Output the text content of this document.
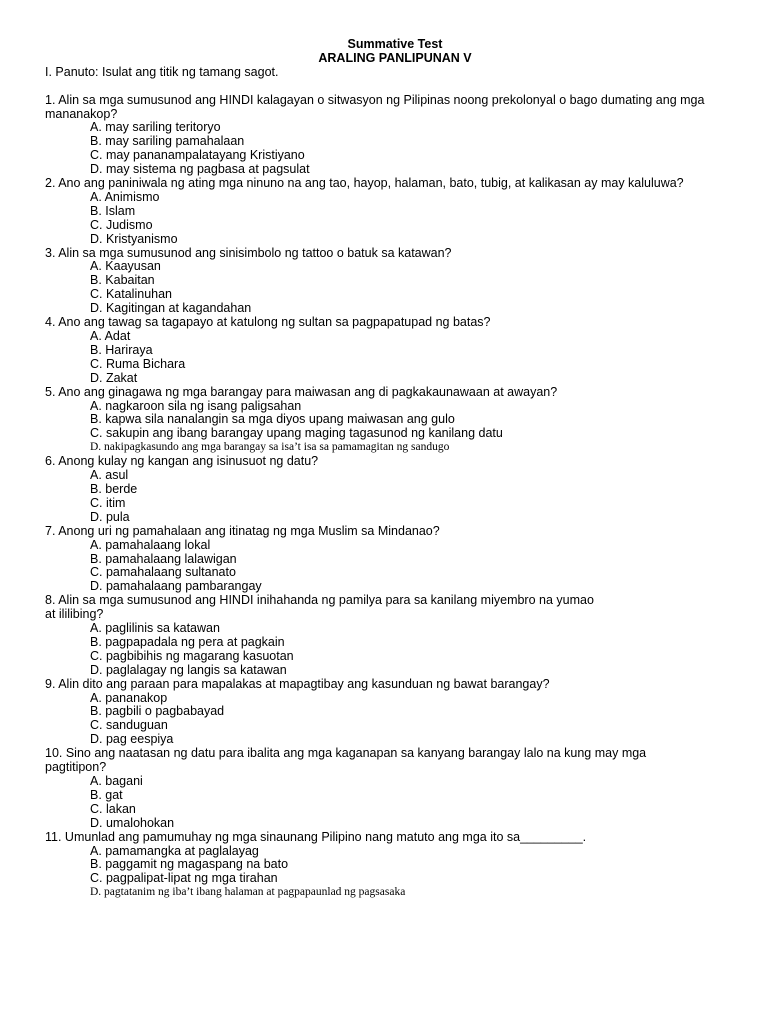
Summative Test
ARALING PANLIPUNAN V
I. Panuto: Isulat ang titik ng tamang sagot.
1. Alin sa mga sumusunod ang HINDI kalagayan o sitwasyon ng Pilipinas noong prekolonyal o bago dumating ang mga mananakop?
A. may sariling teritoryo
B. may sariling pamahalaan
C. may pananampalatayang Kristiyano
D. may sistema ng pagbasa at pagsulat
2. Ano ang paniniwala ng ating mga ninuno na ang tao, hayop, halaman, bato, tubig, at kalikasan ay may kaluluwa?
A. Animismo
B. Islam
C. Judismo
D. Kristyanismo
3. Alin sa mga sumusunod ang sinisimbolo ng tattoo o batuk sa katawan?
A. Kaayusan
B. Kabaitan
C. Katalinuhan
D. Kagitingan at kagandahan
4. Ano ang tawag sa tagapayo at katulong ng sultan sa pagpapatupad ng batas?
A. Adat
B. Hariraya
C. Ruma Bichara
D. Zakat
5. Ano ang ginagawa ng mga barangay para maiwasan ang di pagkakaunawaan at awayan?
A. nagkaroon sila ng isang paligsahan
B. kapwa sila nanalangin sa mga diyos upang maiwasan ang gulo
C. sakupin ang ibang barangay upang maging tagasunod ng kanilang datu
D. nakipagkasundo ang mga barangay sa isa’t isa sa pamamagitan ng sandugo
6. Anong kulay ng kangan ang isinusuot ng datu?
A. asul
B. berde
C. itim
D. pula
7. Anong uri ng pamahalaan ang itinatag ng mga Muslim sa Mindanao?
A. pamahalaang lokal
B. pamahalaang lalawigan
C. pamahalaang sultanato
D. pamahalaang pambarangay
8. Alin sa mga sumusunod ang HINDI inihahanda ng pamilya para sa kanilang miyembro na yumao at ililibing?
A. paglilinis sa katawan
B. pagpapadala ng pera at pagkain
C. pagbibihis ng magarang kasuotan
D. paglalagay ng langis sa katawan
9. Alin dito ang paraan para mapalakas at mapagtibay ang kasunduan ng bawat barangay?
A. pananakop
B. pagbili o pagbabayad
C. sanduguan
D. pag eespiya
10. Sino ang naatasan ng datu para ibalita ang mga kaganapan sa kanyang barangay lalo na kung may mga pagtitipon?
A. bagani
B. gat
C. lakan
D. umalohokan
11. Umunlad ang pamumuhay ng mga sinaunang Pilipino nang matuto ang mga ito sa_________.
A. pamamangka at paglalayag
B. paggamit ng magaspang na bato
C. pagpalipat-lipat ng mga tirahan
D. pagtatanim ng iba’t ibang halaman at pagpapaunlad ng pagsasaka
